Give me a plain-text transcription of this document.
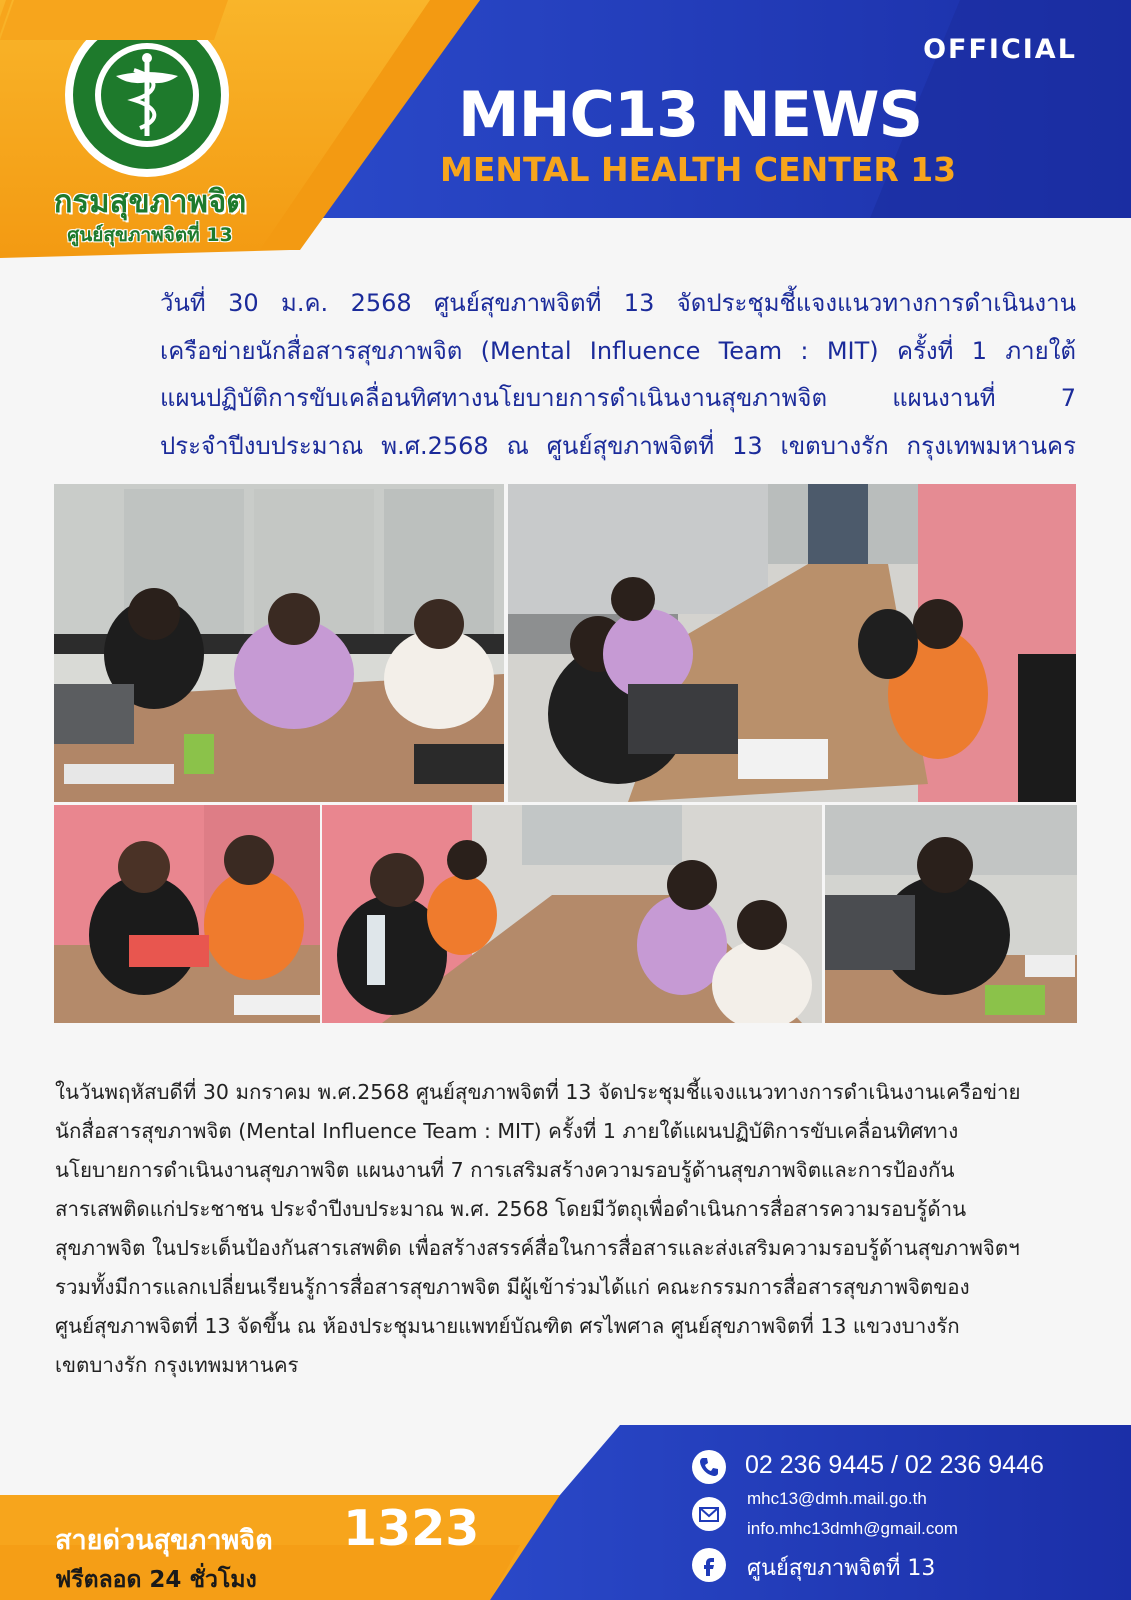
กรมสุขภาพจิต
ศูนย์สุขภาพจิตที่ 13
OFFICIAL
MHC13 NEWS
MENTAL HEALTH CENTER 13
วันที่ 30 ม.ค. 2568 ศูนย์สุขภาพจิตที่ 13 จัดประชุมชี้แจงแนวทางการดำเนินงาน
เครือข่ายนักสื่อสารสุขภาพจิต (Mental Influence Team : MIT) ครั้งที่ 1 ภายใต้
แผนปฏิบัติการขับเคลื่อนทิศทางนโยบายการดำเนินงานสุขภาพจิต แผนงานที่ 7
ประจำปีงบประมาณ พ.ศ.2568 ณ ศูนย์สุขภาพจิตที่ 13 เขตบางรัก กรุงเทพมหานคร
ในวันพฤหัสบดีที่ 30 มกราคม พ.ศ.2568 ศูนย์สุขภาพจิตที่ 13 จัดประชุมชี้แจงแนวทางการดำเนินงานเครือข่าย
นักสื่อสารสุขภาพจิต (Mental Influence Team : MIT) ครั้งที่ 1 ภายใต้แผนปฏิบัติการขับเคลื่อนทิศทาง
นโยบายการดำเนินงานสุขภาพจิต แผนงานที่ 7 การเสริมสร้างความรอบรู้ด้านสุขภาพจิตและการป้องกัน
สารเสพติดแก่ประชาชน ประจำปีงบประมาณ พ.ศ. 2568 โดยมีวัตถุเพื่อดำเนินการสื่อสารความรอบรู้ด้าน
สุขภาพจิต ในประเด็นป้องกันสารเสพติด เพื่อสร้างสรรค์สื่อในการสื่อสารและส่งเสริมความรอบรู้ด้านสุขภาพจิตฯ
รวมทั้งมีการแลกเปลี่ยนเรียนรู้การสื่อสารสุขภาพจิต มีผู้เข้าร่วมได้แก่ คณะกรรมการสื่อสารสุขภาพจิตของ
ศูนย์สุขภาพจิตที่ 13 จัดขึ้น ณ ห้องประชุมนายแพทย์บัณฑิต ศรไพศาล ศูนย์สุขภาพจิตที่ 13 แขวงบางรัก
เขตบางรัก กรุงเทพมหานคร
สายด่วนสุขภาพจิต 1323
ฟรีตลอด 24 ชั่วโมง
02 236 9445 / 02 236 9446
mhc13@dmh.mail.go.th
info.mhc13dmh@gmail.com
ศูนย์สุขภาพจิตที่ 13
